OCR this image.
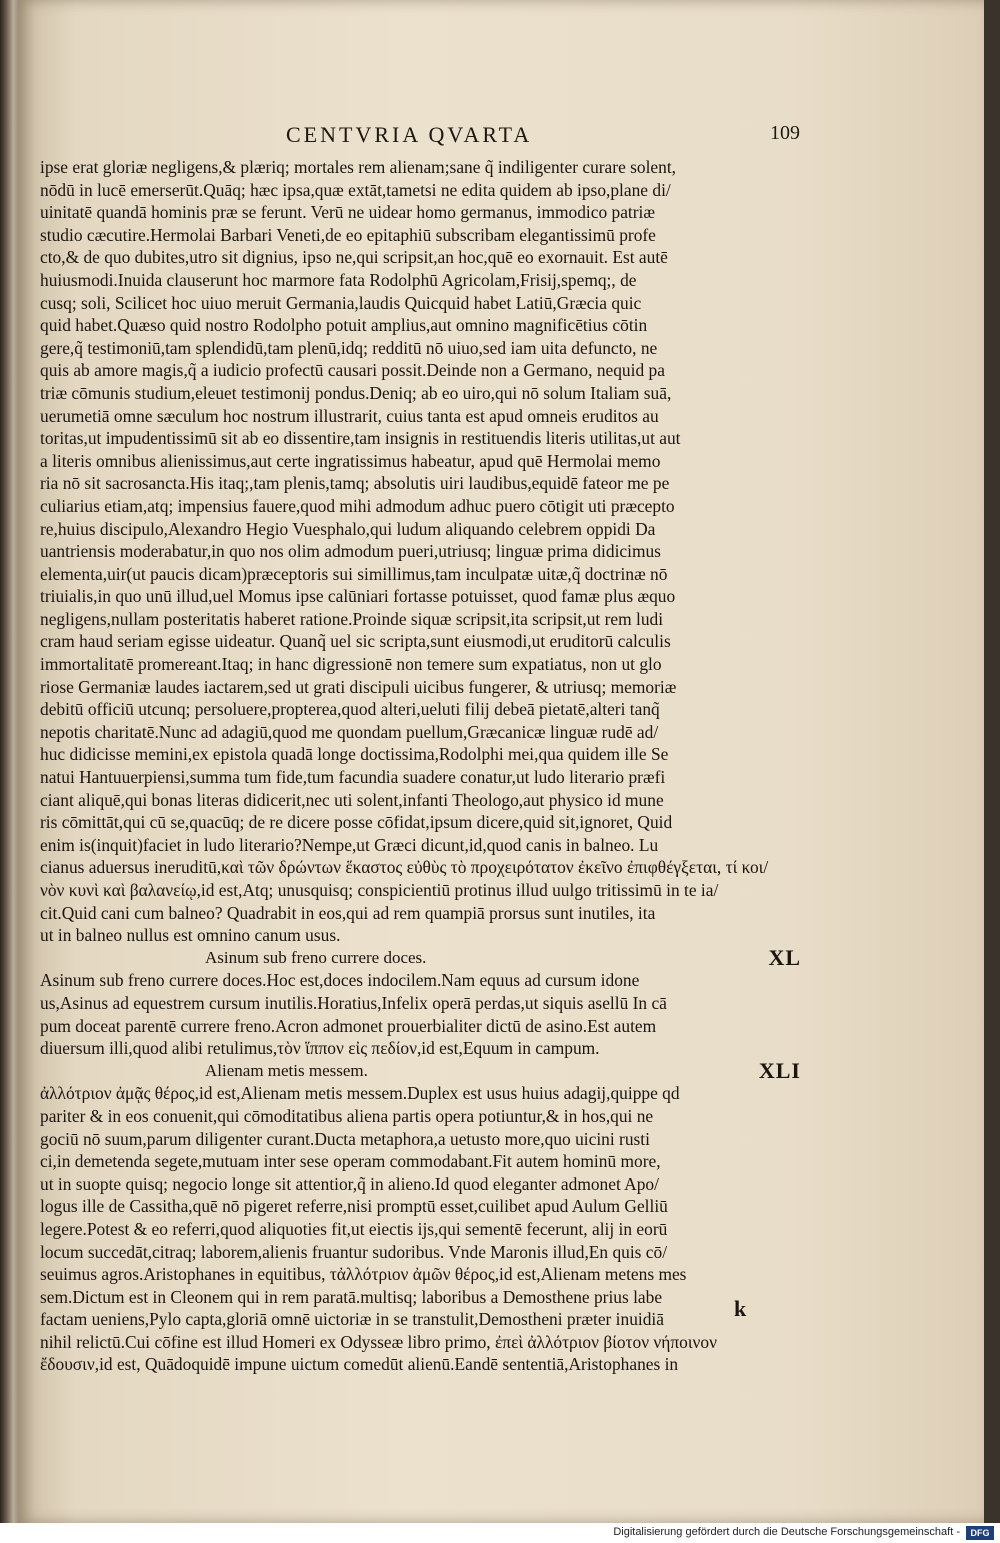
CENTVRIA QVARTA	109
ipse erat gloriæ negligens,& plæriq; mortales rem alienam;sane q̃ indiligenter curare solent,
nōdū in lucē emerserūt.Quāq; hæc ipsa,quæ extāt,tametsi ne edita quidem ab ipso,plane di/
uinitatē quandā hominis præ se ferunt. Verū ne uidear homo germanus, immodico patriæ
studio cæcutire.Hermolai Barbari Veneti,de eo epitaphiū subscribam elegantissimū profe
cto,& de quo dubites,utro sit dignius, ipso ne,qui scripsit,an hoc,quē eo exornauit. Est autē
huiusmodi.Inuida clauserunt hoc marmore fata Rodolphū Agricolam,Frisij,spemq;, de
cusq; soli, Scilicet hoc uiuo meruit Germania,laudis Quicquid habet Latiū,Græcia quic
quid habet.Quæso quid nostro Rodolpho potuit amplius,aut omnino magnificētius cōtin
gere,q̃ testimoniū,tam splendidū,tam plenū,idq; redditū nō uiuo,sed iam uita defuncto, ne
quis ab amore magis,q̃ a iudicio profectū causari possit.Deinde non a Germano, nequid pa
triæ cōmunis studium,eleuet testimonij pondus.Deniq; ab eo uiro,qui nō solum Italiam suā,
uerumetiā omne sæculum hoc nostrum illustrarit, cuius tanta est apud omneis eruditos au
toritas,ut impudentissimū sit ab eo dissentire,tam insignis in restituendis literis utilitas,ut aut
a literis omnibus alienissimus,aut certe ingratissimus habeatur, apud quē Hermolai memo
ria nō sit sacrosancta.His itaq;,tam plenis,tamq; absolutis uiri laudibus,equidē fateor me pe
culiarius etiam,atq; impensius fauere,quod mihi admodum adhuc puero cōtigit uti præcepto
re,huius discipulo,Alexandro Hegio Vuesphalo,qui ludum aliquando celebrem oppidi Da
uantriensis moderabatur,in quo nos olim admodum pueri,utriusq; linguæ prima didicimus
elementa,uir(ut paucis dicam)præceptoris sui simillimus,tam inculpatæ uitæ,q̃ doctrinæ nō
triuialis,in quo unū illud,uel Momus ipse calūniari fortasse potuisset, quod famæ plus æquo
negligens,nullam posteritatis haberet ratione.Proinde siquæ scripsit,ita scripsit,ut rem ludi
cram haud seriam egisse uideatur. Quanq̃ uel sic scripta,sunt eiusmodi,ut eruditorū calculis
immortalitatē promereant.Itaq; in hanc digressionē non temere sum expatiatus, non ut glo
riose Germaniæ laudes iactarem,sed ut grati discipuli uicibus fungerer, & utriusq; memoriæ
debitū officiū utcunq; persoluere,propterea,quod alteri,ueluti filij debeā pietatē,alteri tanq̃
nepotis charitatē.Nunc ad adagiū,quod me quondam puellum,Græcanicæ linguæ rudē ad/
huc didicisse memini,ex epistola quadā longe doctissima,Rodolphi mei,qua quidem ille Se
natui Hantuuerpiensi,summa tum fide,tum facundia suadere conatur,ut ludo literario præfi
ciant aliquē,qui bonas literas didicerit,nec uti solent,infanti Theologo,aut physico id mune
ris cōmittāt,qui cū se,quacūq; de re dicere posse cōfidat,ipsum dicere,quid sit,ignoret, Quid
enim is(inquit)faciet in ludo literario?Nempe,ut Græci dicunt,id,quod canis in balneo. Lu
cianus aduersus ineruditū,καὶ τῶν δρώντων ἕκαστος εὐθὺς τὸ προχειρότατον ἐκεῖνο ἐπιφθέγξεται, τί κοι/
νὸν κυνὶ καὶ βαλανείῳ,id est,Atq; unusquisq; conspicientiū protinus illud uulgo tritissimū in te ia/
cit.Quid cani cum balneo? Quadrabit in eos,qui ad rem quampiā prorsus sunt inutiles, ita
ut in balneo nullus est omnino canum usus.
Asinum sub freno currere doces.	XL
Asinum sub freno currere doces.Hoc est,doces indocilem.Nam equus ad cursum idone
us,Asinus ad equestrem cursum inutilis.Horatius,Infelix operā perdas,ut siquis asellū In cā
pum doceat parentē currere freno.Acron admonet prouerbialiter dictū de asino.Est autem
diuersum illi,quod alibi retulimus,τὸν ἵππον εἰς πεδίον,id est,Equum in campum.
Alienam metis messem.	XLI
ἀλλότριον ἀμᾷς θέρος,id est,Alienam metis messem.Duplex est usus huius adagij,quippe qd
pariter & in eos conuenit,qui cōmoditatibus aliena partis opera potiuntur,& in hos,qui ne
gociū nō suum,parum diligenter curant.Ducta metaphora,a uetusto more,quo uicini rusti
ci,in demetenda segete,mutuam inter sese operam commodabant.Fit autem hominū more,
ut in suopte quisq; negocio longe sit attentior,q̃ in alieno.Id quod eleganter admonet Apo/
logus ille de Cassitha,quē nō pigeret referre,nisi promptū esset,cuilibet apud Aulum Gelliū
legere.Potest & eo referri,quod aliquoties fit,ut eiectis ijs,qui sementē fecerunt, alij in eorū
locum succedāt,citraq; laborem,alienis fruantur sudoribus. Vnde Maronis illud,En quis cō/
seuimus agros.Aristophanes in equitibus, τἀλλότριον ἀμῶν θέρος,id est,Alienam metens mes
sem.Dictum est in Cleonem qui in rem paratā.multisq; laboribus a Demosthene prius labe
factam ueniens,Pylo capta,gloriā omnē uictoriæ in se transtulit,Demostheni præter inuidiā
nihil relictū.Cui cōfine est illud Homeri ex Odysseæ libro primo, ἐπεὶ ἀλλότριον βίοτον νήποινον
ἔδουσιν,id est, Quādoquidē impune uictum comedūt alienū.Eandē sententiā,Aristophanes in
k
Digitalisierung gefördert durch die Deutsche Forschungsgemeinschaft -	DFG
